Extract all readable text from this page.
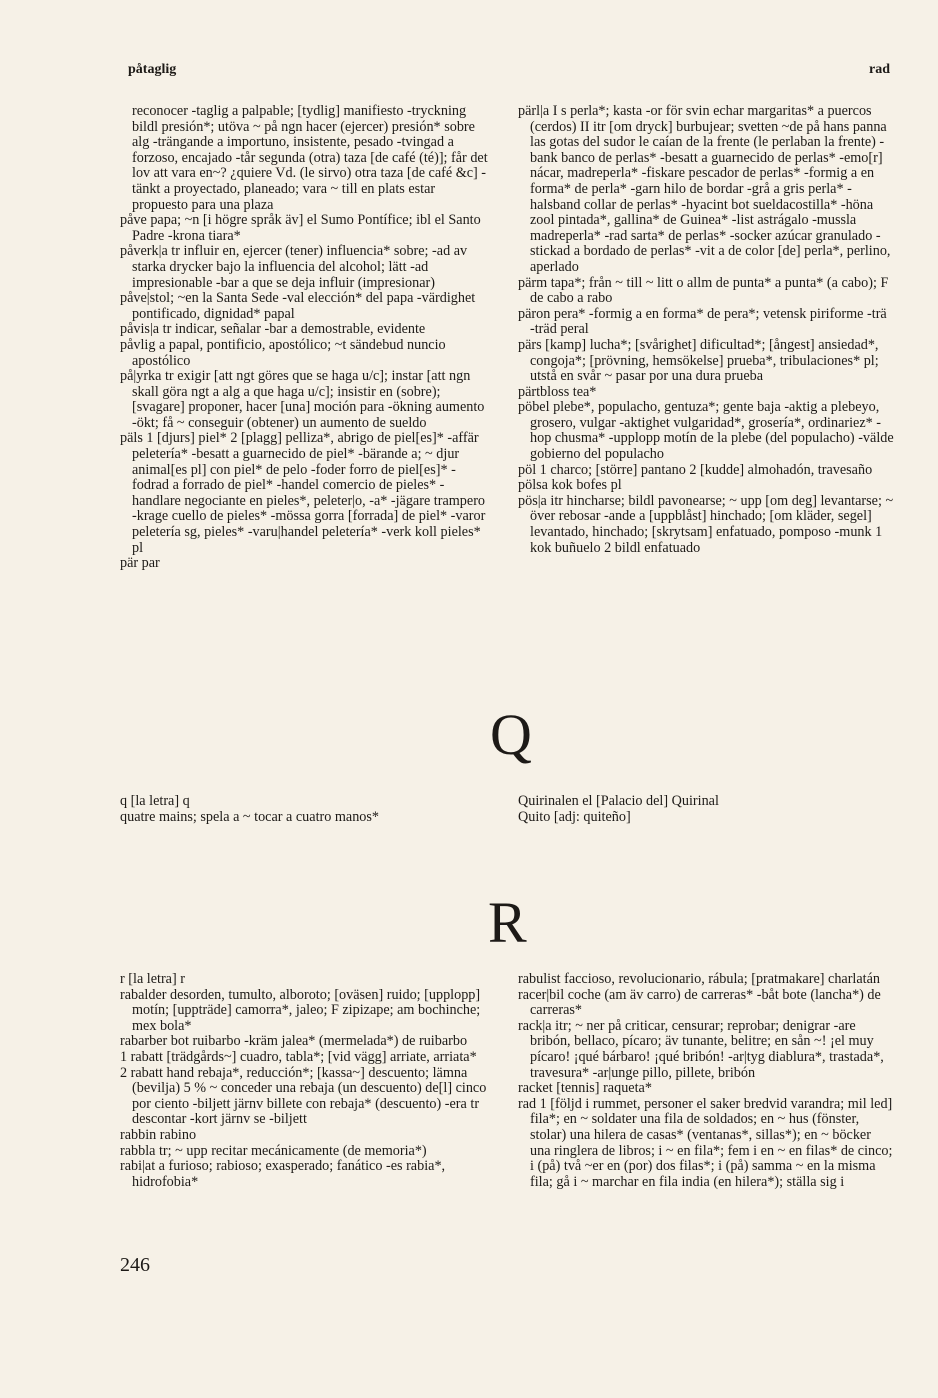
påtaglig	rad

reconocer -taglig a palpable; [tydlig] manifiesto -tryckning bildl presión*; utöva ~ på ngn hacer (ejercer) presión* sobre alg -trängande a importuno, insistente, pesado -tvingad a forzoso, encajado -tår segunda (otra) taza [de café (té)]; får det lov att vara en~? ¿quiere Vd. (le sirvo) otra taza [de café &c] -tänkt a proyectado, planeado; vara ~ till en plats estar propuesto para una plaza

påve papa; ~n [i högre språk äv] el Sumo Pontífice; ibl el Santo Padre -krona tiara*

påverk|a tr influir en, ejercer (tener) influencia* sobre; -ad av starka drycker bajo la influencia del alcohol; lätt -ad impresionable -bar a que se deja influir (impresionar)

påve|stol; ~en la Santa Sede -val elección* del papa -värdighet pontificado, dignidad* papal

påvis|a tr indicar, señalar -bar a demostrable, evidente

påvlig a papal, pontificio, apostólico; ~t sändebud nuncio apostólico

på|yrka tr exigir [att ngt göres que se haga u/c]; instar [att ngn skall göra ngt a alg a que haga u/c]; insistir en (sobre); [svagare] proponer, hacer [una] moción para -ökning aumento -ökt; få ~ conseguir (obtener) un aumento de sueldo

päls 1 [djurs] piel* 2 [plagg] pelliza*, abrigo de piel[es]* -affär peletería* -besatt a guarnecido de piel* -bärande a; ~ djur animal[es pl] con piel* de pelo -foder forro de piel[es]* -fodrad a forrado de piel* -handel comercio de pieles* -handlare negociante en pieles*, peleter|o, -a* -jägare trampero -krage cuello de pieles* -mössa gorra [forrada] de piel* -varor peletería sg, pieles* -varu|handel peletería* -verk koll pieles* pl

pär par

pärl|a I s perla*; kasta -or för svin echar margaritas* a puercos (cerdos) II itr [om dryck] burbujear; svetten ~de på hans panna las gotas del sudor le caían de la frente (le perlaban la frente) -bank banco de perlas* -besatt a guarnecido de perlas* -emo[r] nácar, madreperla* -fiskare pescador de perlas* -formig a en forma* de perla* -garn hilo de bordar -grå a gris perla* -halsband collar de perlas* -hyacint bot sueldacostilla* -höna zool pintada*, gallina* de Guinea* -list astrágalo -mussla madreperla* -rad sarta* de perlas* -socker azúcar granulado -stickad a bordado de perlas* -vit a de color [de] perla*, perlino, aperlado

pärm tapa*; från ~ till ~ litt o allm de punta* a punta* (a cabo); F de cabo a rabo

päron pera* -formig a en forma* de pera*; vetensk piriforme -trä -träd peral

pärs [kamp] lucha*; [svårighet] dificultad*; [ångest] ansiedad*, congoja*; [prövning, hemsökelse] prueba*, tribulaciones* pl; utstå en svår ~ pasar por una dura prueba

pärtbloss tea*

pöbel plebe*, populacho, gentuza*; gente baja -aktig a plebeyo, grosero, vulgar -aktighet vulgaridad*, grosería*, ordinariez* -hop chusma* -upplopp motín de la plebe (del populacho) -välde gobierno del populacho

pöl 1 charco; [större] pantano 2 [kudde] almohadón, travesaño

pölsa kok bofes pl

pös|a itr hincharse; bildl pavonearse; ~ upp [om deg] levantarse; ~ över rebosar -ande a [uppblåst] hinchado; [om kläder, segel] levantado, hinchado; [skrytsam] enfatuado, pomposo -munk 1 kok buñuelo 2 bildl enfatuado

Q

q [la letra] q

quatre mains; spela a ~ tocar a cuatro manos*

Quirinalen el [Palacio del] Quirinal

Quito [adj: quiteño]

R

r [la letra] r

rabalder desorden, tumulto, alboroto; [oväsen] ruido; [upplopp] motín; [uppträde] camorra*, jaleo; F zipizape; am bochinche; mex bola*

rabarber bot ruibarbo -kräm jalea* (mermelada*) de ruibarbo

1 rabatt [trädgårds~] cuadro, tabla*; [vid vägg] arriate, arriata*

2 rabatt hand rebaja*, reducción*; [kassa~] descuento; lämna (bevilja) 5 % ~ conceder una rebaja (un descuento) de[l] cinco por ciento -biljett järnv billete con rebaja* (descuento) -era tr descontar -kort järnv se -biljett

rabbin rabino

rabbla tr; ~ upp recitar mecánicamente (de memoria*)

rabi|at a furioso; rabioso; exasperado; fanático -es rabia*, hidrofobia*

rabulist faccioso, revolucionario, rábula; [pratmakare] charlatán

racer|bil coche (am äv carro) de carreras* -båt bote (lancha*) de carreras*

rack|a itr; ~ ner på criticar, censurar; reprobar; denigrar -are bribón, bellaco, pícaro; äv tunante, belitre; en sån ~! ¡el muy pícaro! ¡qué bárbaro! ¡qué bribón! -ar|tyg diablura*, trastada*, travesura* -ar|unge pillo, pillete, bribón

racket [tennis] raqueta*

rad 1 [följd i rummet, personer el saker bredvid varandra; mil led] fila*; en ~ soldater una fila de soldados; en ~ hus (fönster, stolar) una hilera de casas* (ventanas*, sillas*); en ~ böcker una ringlera de libros; i ~ en fila*; fem i en ~ en filas* de cinco; i (på) två ~er en (por) dos filas*; i (på) samma ~ en la misma fila; gå i ~ marchar en fila india (en hilera*); ställa sig i

246
